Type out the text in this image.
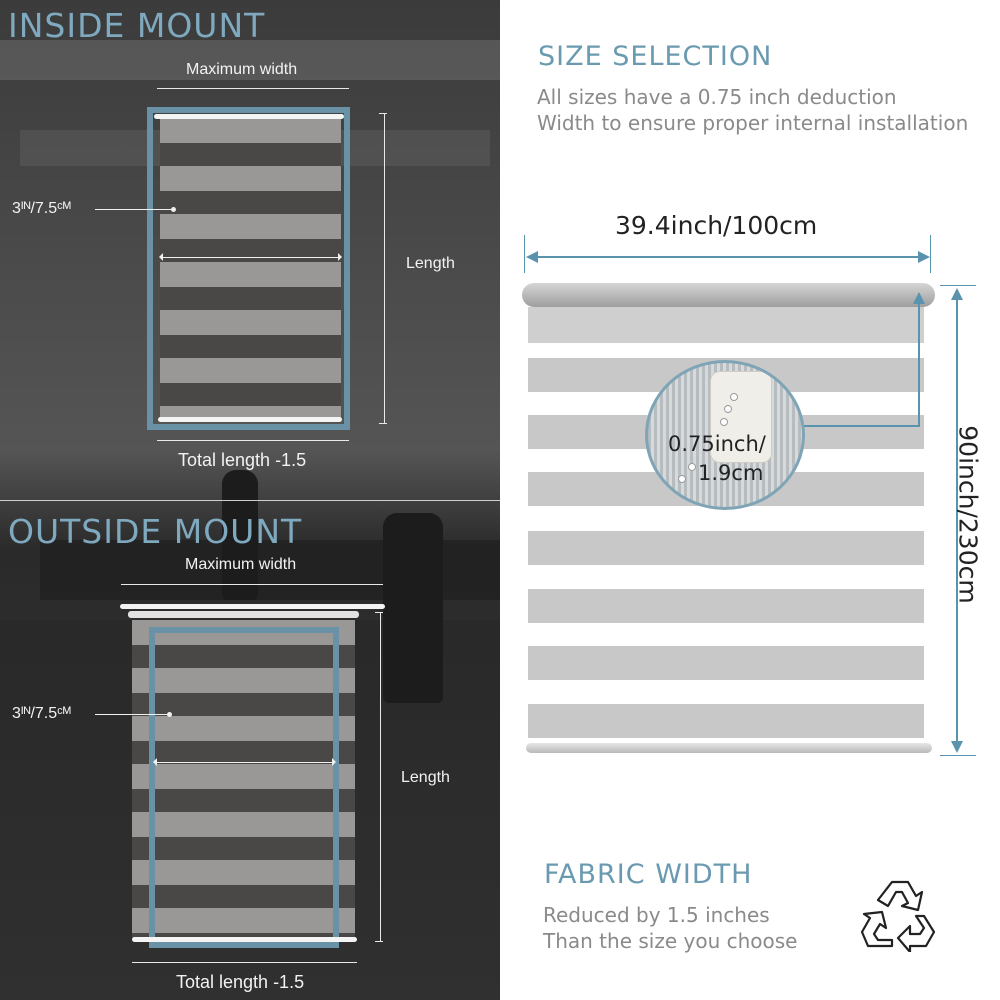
INSIDE MOUNT
Maximum width
3ᴵᴺ/7.5ᶜᴹ
Length
Total length -1.5
OUTSIDE MOUNT
Maximum width
3ᴵᴺ/7.5ᶜᴹ
Length
Total length -1.5
SIZE SELECTION
All sizes have a 0.75 inch deduction
Width to ensure proper internal installation
39.4inch/100cm
90inch/230cm
0.75inch/
1.9cm
FABRIC WIDTH
Reduced by 1.5 inches
Than the size you choose
